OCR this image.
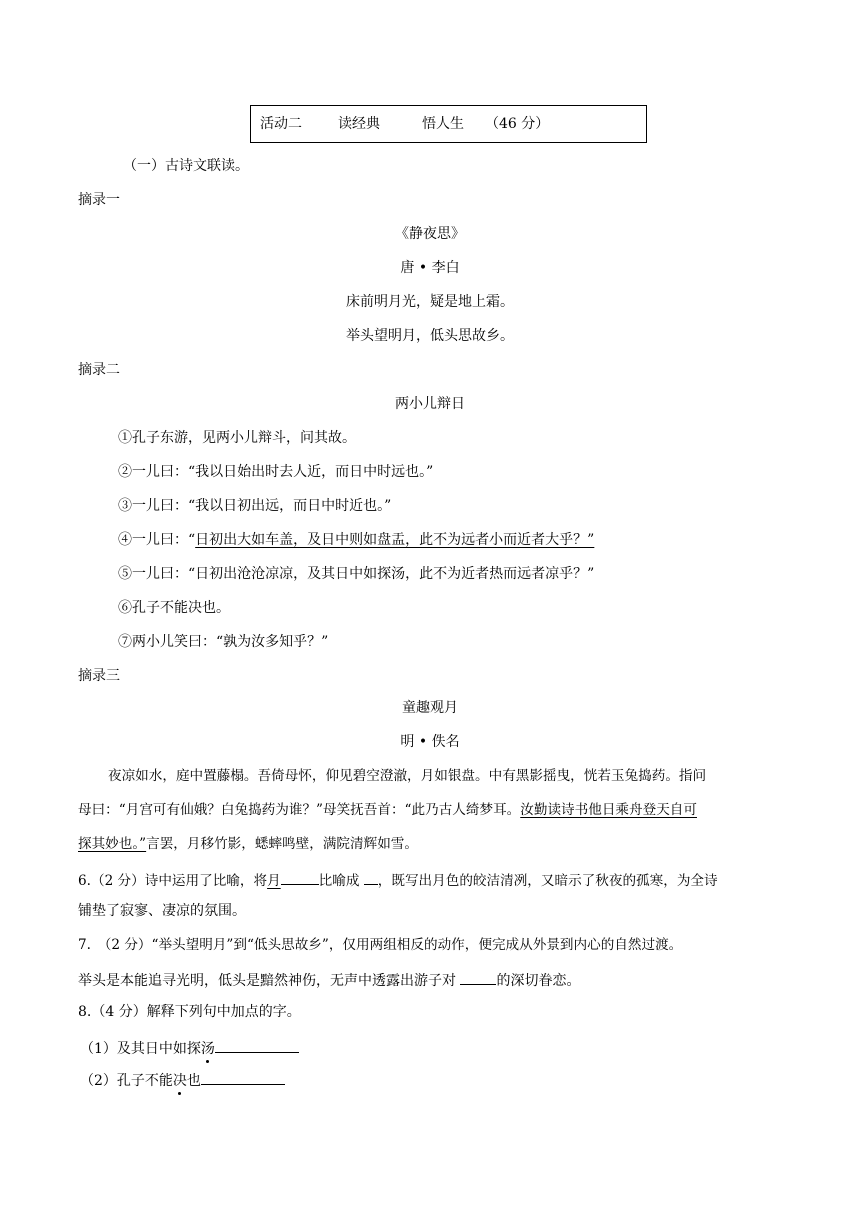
活动二	读经典	悟人生 （46 分）
（一）古诗文联读。
摘录一
《静夜思》
唐 • 李白
床前明月光，疑是地上霜。
举头望明月，低头思故乡。
摘录二
两小儿辩日
①孔子东游，见两小儿辩斗，问其故。
②一儿曰：“我以日始出时去人近，而日中时远也。”
③一儿曰：“我以日初出远，而日中时近也。”
④一儿曰：“日初出大如车盖，及日中则如盘盂，此不为远者小而近者大乎？”
⑤一儿曰：“日初出沧沧凉凉，及其日中如探汤，此不为近者热而远者凉乎？”
⑥孔子不能决也。
⑦两小儿笑曰：“孰为汝多知乎？”
摘录三
童趣观月
明 • 佚名
夜凉如水，庭中置藤榻。吾倚母怀，仰见碧空澄澈，月如银盘。中有黑影摇曳，恍若玉兔捣药。指问
母曰：“月宫可有仙娥？白兔捣药为谁？”母笑抚吾首：“此乃古人绮梦耳。汝勤读诗书他日乘舟登天自可
探其妙也。”言罢，月移竹影，蟋蟀鸣壁，满院清辉如雪。
6.（2 分）诗中运用了比喻，将月	比喻成 ，既写出月色的皎洁清冽，又暗示了秋夜的孤寒，为全诗
铺垫了寂寥、凄凉的氛围。
7.　（2 分）“举头望明月”到“低头思故乡”，仅用两组相反的动作，便完成从外景到内心的自然过渡。
举头是本能追寻光明，低头是黯然神伤，无声中透露出游子对	的深切眷恋。
8.（4 分）解释下列句中加点的字。
（1）及其日中如探汤
（2）孔子不能决也
